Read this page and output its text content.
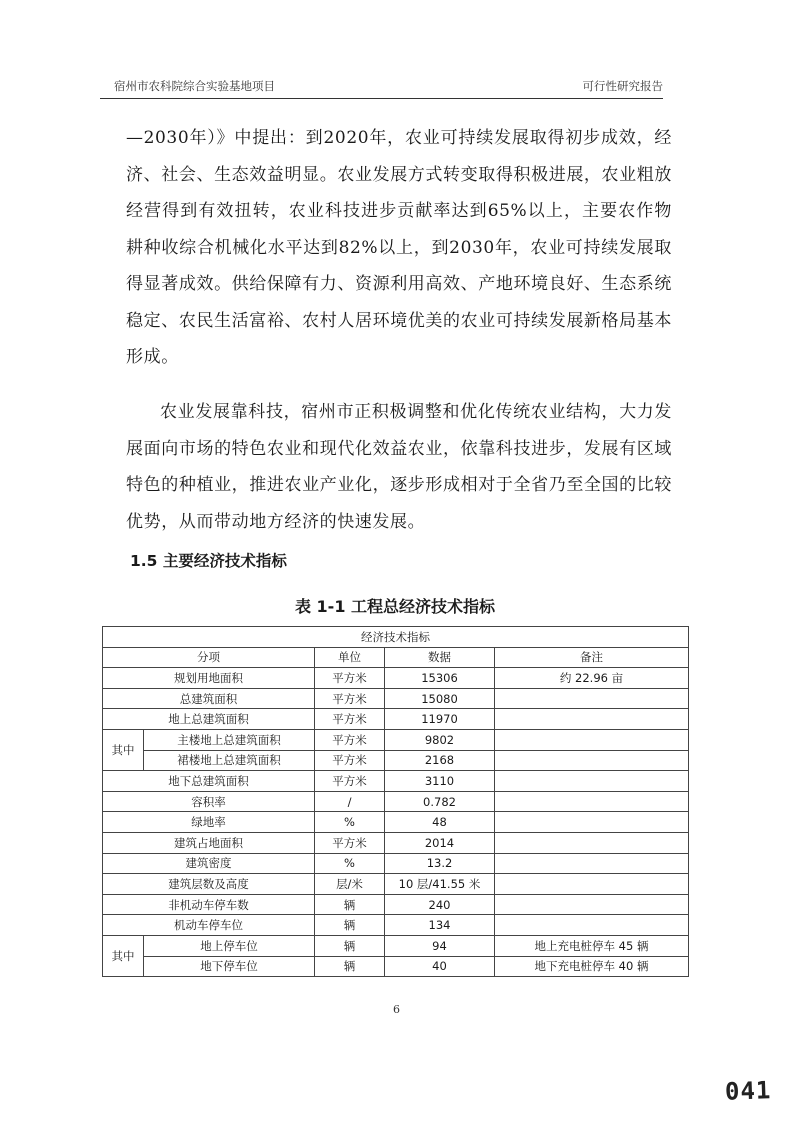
宿州市农科院综合实验基地项目	可行性研究报告

—2030年）》中提出：到2020年，农业可持续发展取得初步成效，经济、社会、生态效益明显。农业发展方式转变取得积极进展，农业粗放经营得到有效扭转，农业科技进步贡献率达到65%以上，主要农作物耕种收综合机械化水平达到82%以上，到2030年，农业可持续发展取得显著成效。供给保障有力、资源利用高效、产地环境良好、生态系统稳定、农民生活富裕、农村人居环境优美的农业可持续发展新格局基本形成。

农业发展靠科技，宿州市正积极调整和优化传统农业结构，大力发展面向市场的特色农业和现代化效益农业，依靠科技进步，发展有区域特色的种植业，推进农业产业化，逐步形成相对于全省乃至全国的比较优势，从而带动地方经济的快速发展。

1.5 主要经济技术指标
表 1-1 工程总经济技术指标
经济技术指标				
分项		单位	数据	备注
规划用地面积		平方米	15306	约 22.96 亩
总建筑面积		平方米	15080	
地上总建筑面积		平方米	11970	
其中	主楼地上总建筑面积	平方米	9802	
	裙楼地上总建筑面积	平方米	2168	
地下总建筑面积		平方米	3110	
容积率		/	0.782	
绿地率		%	48	
建筑占地面积		平方米	2014	
建筑密度		%	13.2	
建筑层数及高度		层/米	10 层/41.55 米	
非机动车停车数		辆	240	
机动车停车位		辆	134	
其中	地上停车位	辆	94	地上充电桩停车 45 辆
	地下停车位	辆	40	地下充电桩停车 40 辆
6
041
